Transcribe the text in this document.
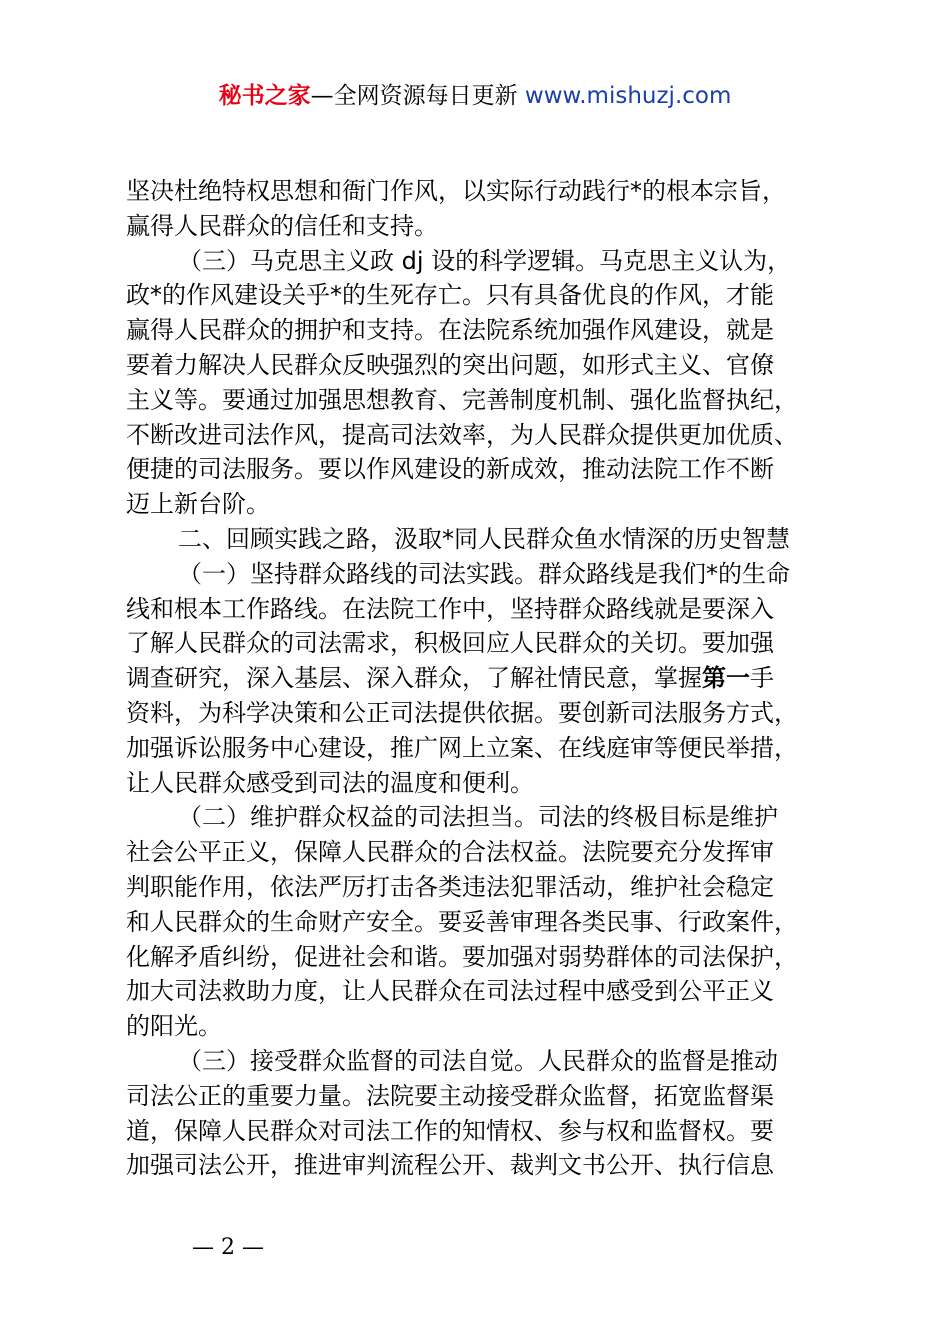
秘书之家—全网资源每日更新 www.mishuzj.com
坚决杜绝特权思想和衙门作风，以实际行动践行*的根本宗旨，
赢得人民群众的信任和支持。
（三）马克思主义政 dj 设的科学逻辑。马克思主义认为，
政*的作风建设关乎*的生死存亡。只有具备优良的作风，才能
赢得人民群众的拥护和支持。在法院系统加强作风建设，就是
要着力解决人民群众反映强烈的突出问题，如形式主义、官僚
主义等。要通过加强思想教育、完善制度机制、强化监督执纪，
不断改进司法作风，提高司法效率，为人民群众提供更加优质、
便捷的司法服务。要以作风建设的新成效，推动法院工作不断
迈上新台阶。
二、回顾实践之路，汲取*同人民群众鱼水情深的历史智慧
（一）坚持群众路线的司法实践。群众路线是我们*的生命
线和根本工作路线。在法院工作中，坚持群众路线就是要深入
了解人民群众的司法需求，积极回应人民群众的关切。要加强
调查研究，深入基层、深入群众，了解社情民意，掌握第一手
资料，为科学决策和公正司法提供依据。要创新司法服务方式，
加强诉讼服务中心建设，推广网上立案、在线庭审等便民举措，
让人民群众感受到司法的温度和便利。
（二）维护群众权益的司法担当。司法的终极目标是维护
社会公平正义，保障人民群众的合法权益。法院要充分发挥审
判职能作用，依法严厉打击各类违法犯罪活动，维护社会稳定
和人民群众的生命财产安全。要妥善审理各类民事、行政案件，
化解矛盾纠纷，促进社会和谐。要加强对弱势群体的司法保护，
加大司法救助力度，让人民群众在司法过程中感受到公平正义
的阳光。
（三）接受群众监督的司法自觉。人民群众的监督是推动
司法公正的重要力量。法院要主动接受群众监督，拓宽监督渠
道，保障人民群众对司法工作的知情权、参与权和监督权。要
加强司法公开，推进审判流程公开、裁判文书公开、执行信息
— 2 —
